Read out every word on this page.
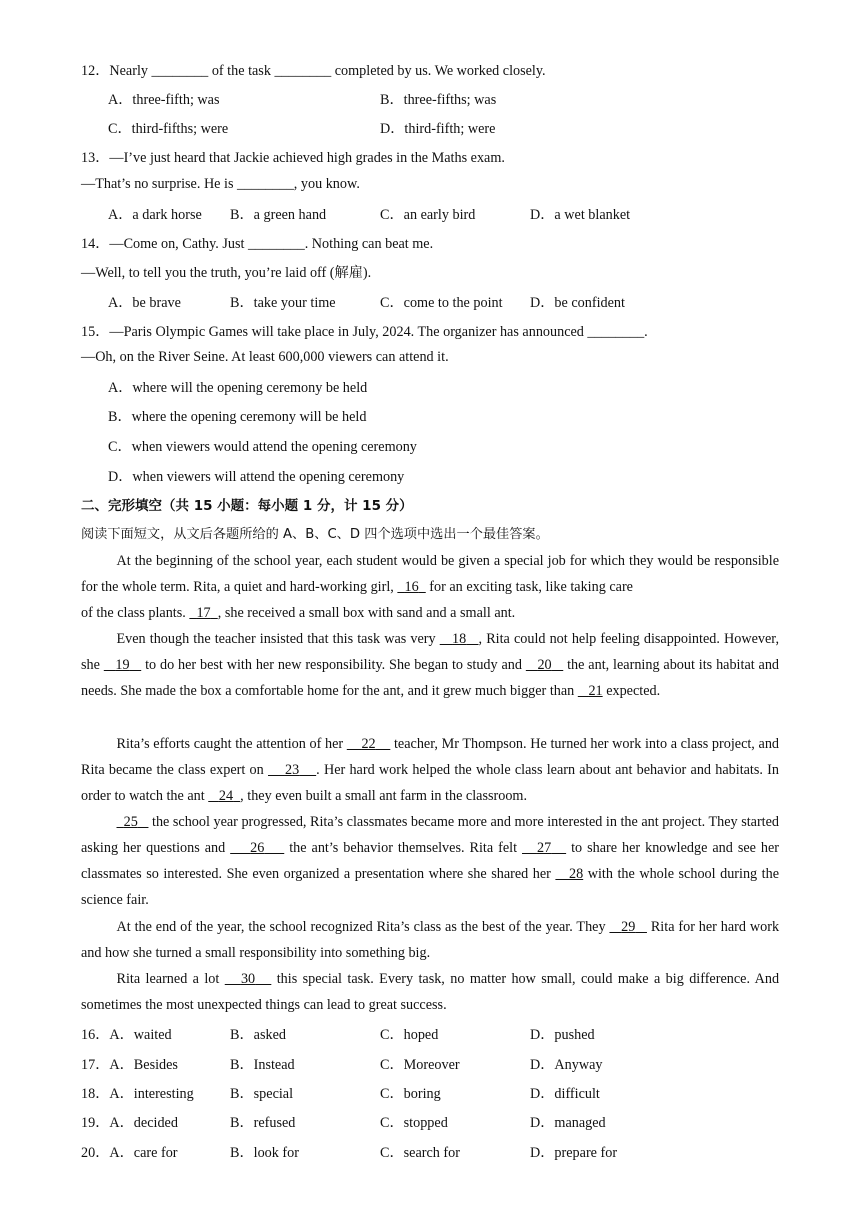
12．Nearly ________ of the task ________ completed by us. We worked closely.
A．three-fifth; was	B．three-fifths; was
C．third-fifths; were	D．third-fifth; were
13．—I’ve just heard that Jackie achieved high grades in the Maths exam.
—That’s no surprise. He is ________, you know.
A．a dark horse B．a green hand	C．an early bird	D．a wet blanket
14．—Come on, Cathy. Just ________. Nothing can beat me.
—Well, to tell you the truth, you’re laid off (解雇).
A．be brave	B．take your time	C．come to the point D．be confident
15．—Paris Olympic Games will take place in July, 2024. The organizer has announced ________.
—Oh, on the River Seine. At least 600,000 viewers can attend it.
A．where will the opening ceremony be held
B．where the opening ceremony will be held
C．when viewers would attend the opening ceremony
D．when viewers will attend the opening ceremony
二、完形填空（共 15 小题：每小题 1 分，计 15 分）
阅读下面短文，从文后各题所给的 A、B、C、D 四个选项中选出一个最佳答案。

At the beginning of the school year, each student would be given a special job for which they would be responsible for the whole term. Rita, a quiet and hard-working girl, 16 for an exciting task, like taking care

of the class plants. 17 , she received a small box with sand and a small ant.

Even though the teacher insisted that this task was very 18 , Rita could not help feeling disappointed. However, she 19 to do her best with her new responsibility. She began to study and 20 the ant, learning about its habitat and needs. She made the box a comfortable home for the ant, and it grew much bigger than 21 expected.

Rita’s efforts caught the attention of her 22 teacher, Mr Thompson. He turned her work into a class project, and Rita became the class expert on 23 . Her hard work helped the whole class learn about ant behavior and habitats. In order to watch the ant 24 , they even built a small ant farm in the classroom.

25 the school year progressed, Rita’s classmates became more and more interested in the ant project. They started asking her questions and 26 the ant’s behavior themselves. Rita felt 27 to share her knowledge and see her classmates so interested. She even organized a presentation where she shared her 28 with the whole school during the science fair.

At the end of the year, the school recognized Rita’s class as the best of the year. They 29 Rita for her hard work and how she turned a small responsibility into something big.

Rita learned a lot 30 this special task. Every task, no matter how small, could make a big difference. And sometimes the most unexpected things can lead to great success.

16．A．waited	B．asked	C．hoped	D．pushed
17．A．Besides	B．Instead	C．Moreover	D．Anyway
18．A．interesting	B．special	C．boring	D．difficult
19．A．decided	B．refused	C．stopped	D．managed
20．A．care for	B．look for	C．search for	D．prepare for
